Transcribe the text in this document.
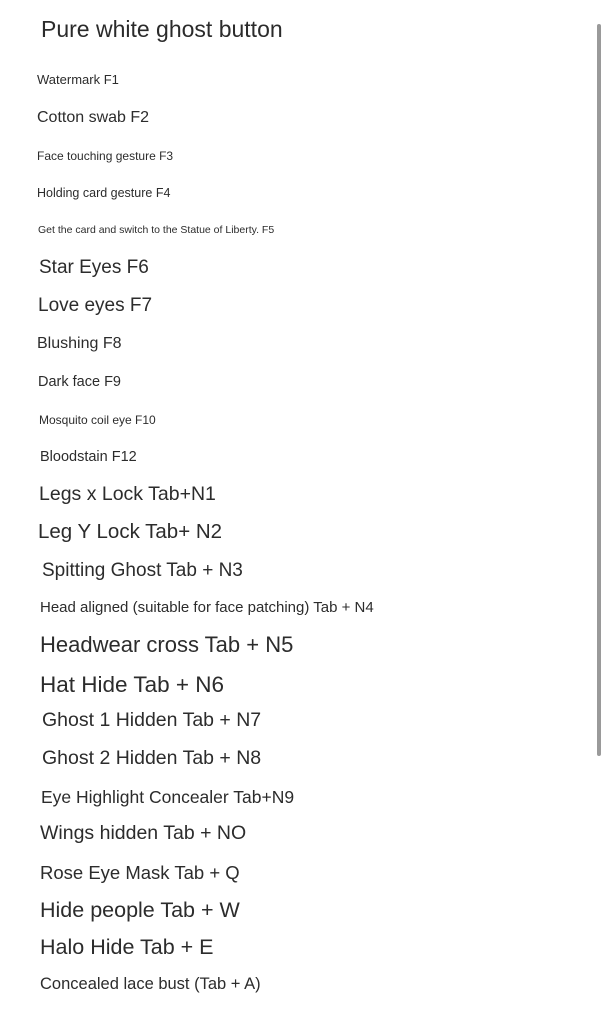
Pure white ghost button
Watermark F1
Cotton swab F2
Face touching gesture F3
Holding card gesture F4
Get the card and switch to the Statue of Liberty. F5
Star Eyes F6
Love eyes F7
Blushing F8
Dark face F9
Mosquito coil eye F10
Bloodstain F12
Legs x Lock Tab+N1
Leg Y Lock Tab+ N2
Spitting Ghost Tab + N3
Head aligned (suitable for face patching) Tab + N4
Headwear cross Tab + N5
Hat Hide Tab + N6
Ghost 1 Hidden Tab + N7
Ghost 2 Hidden Tab + N8
Eye Highlight Concealer Tab+N9
Wings hidden Tab + NO
Rose Eye Mask Tab + Q
Hide people Tab + W
Halo Hide Tab + E
Concealed lace bust (Tab + A)
